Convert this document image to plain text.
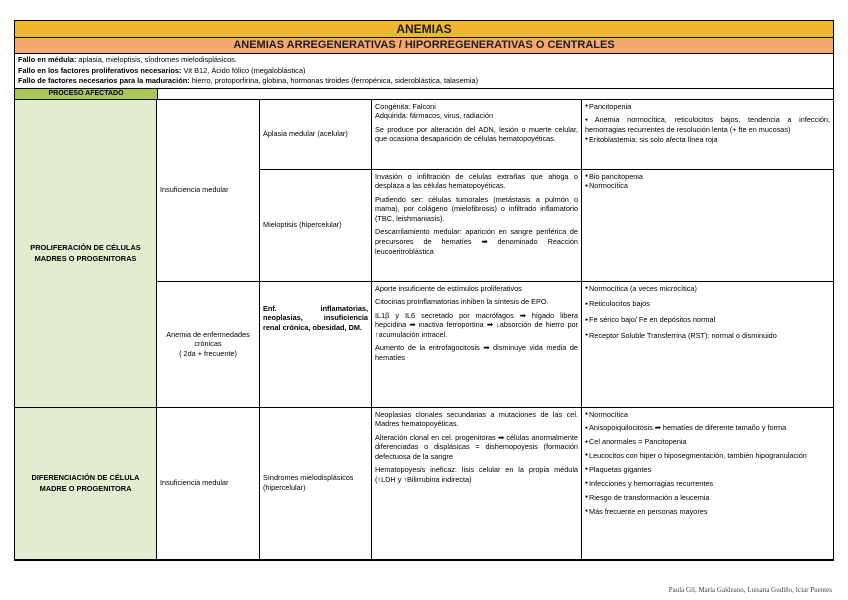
ANEMIAS
ANEMIAS ARREGENERATIVAS / HIPORREGENERATIVAS O CENTRALES
Fallo en médula: aplasia, mieloptisis, síndromes mielodisplásicos.
Fallo en los factores proliferativos necesarios: Vit B12, Ácido fólico (megaloblástica)
Fallo de factores necesarios para la maduración: hierro, protoporfirina, globina, hormonas tiroides (ferropénica, sideroblástica, talasemia)
PROCESO AFECTADO
PROLIFERACIÓN DE CÉLULAS MADRES O PROGENITORAS
Insuficiencia medular
Aplasia medular (acelular)
Congénita: Falconi
Adquirida: fármacos, virus, radiación
Se produce por alteración del ADN, lesión o muerte celular, que ocasiona desaparición de células hematopoyéticas.
● Pancitopenia
● Anemia normocítica, reticulocitos bajos, tendencia a infección, hemorragias recurrentes de resolución lenta (+ fte en mucosas)
● Eritoblastemia: sis solo afecta línea roja
Mieloptisis (hipercelular)
Invasión o infiltración de células extrañas que ahoga o desplaza a las células hematopoyéticas.
Pudiendo ser: células tumorales (metástasis a pulmón o mama), por colágeno (mielofibrosis) o infiltrado inflamatorio (TBC, leishmaniasis).
Descarrilamiento medular: aparición en sangre periférica de precursores de hematíes ➡ denominado Reacción leucoeritroblástica
● Bio pancitopenia
● Normocítica
Anemia de enfermedades crónicas
( 2da + frecuente)
Enf. inflamatorias, neoplasias, insuficiencia renal crónica, obesidad, DM.
Aporte insuficiente de estímulos proliferativos
Citocinas proinflamatorias inhiben la síntesis de EPO.
IL1β y IL6 secretado por macrófagos ➡ hígado libera hepcidina ➡ inactiva ferroportina ➡ ↓absorción de hierro por ↑acumulación intracel.
Aumento de la eritrofagocitosis ➡ disminuye vida media de hematíes
● Normocítica (a veces microcítica)
● Reticulocitos bajos
● Fe sérico bajo/ Fe en depósitos normal
● Receptor Soluble Transferrina (RST): normal o disminuido
DIFERENCIACIÓN DE CÉLULA MADRE O PROGENITORA
Insuficiencia medular
Síndromes mielodisplásicos (hipercelular)
Neoplasias clonales secundarias a mutaciones de las cel. Madres hematopoyéticas.
Alteración clonal en cel. progenitoras ➡ células anormalmente diferenciadas o displásicas = dishemopoyesis (formación defectuosa de la sangre
Hematopoyesis ineficaz: lisis celular en la propia médula (↑LDH y ↑Bilirrubina indirecta)
● Normocítica
● Anisopoiquilocitosis ➡ hematíes de diferente tamaño y forma
● Cel anormales = Pancitopenia
● Leucocitos con hiper o hiposegmentación, también hipogranulación
● Plaquetas gigantes
● Infecciones y hemorragias recurrentes
● Riesgo de transformación a leucemia
● Más frecuente en personas mayores
Paula Gil, María Galdeano, Luisana Gudiño, Iciar Puentes
